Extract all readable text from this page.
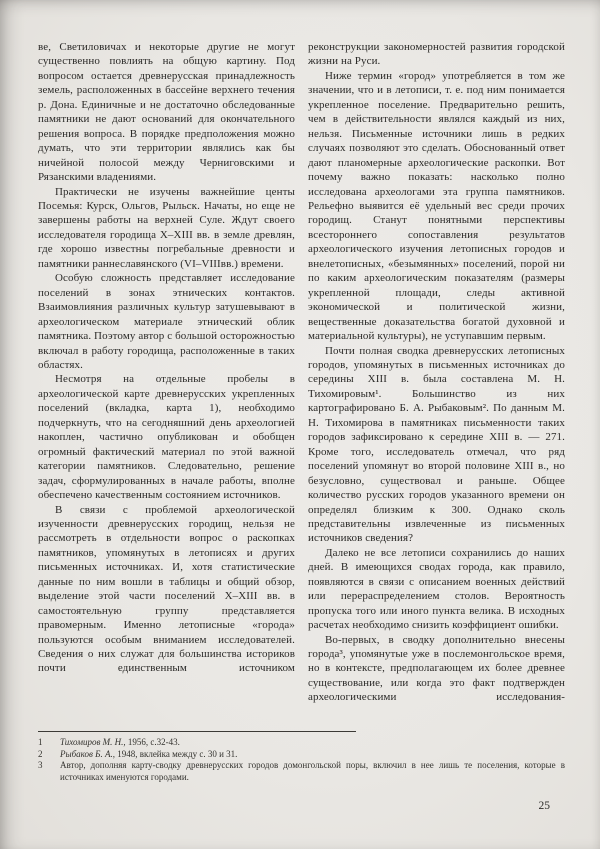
ве, Светиловичах и некоторые другие не могут существенно повлиять на общую картину. Под вопросом остается древнерусская принадлежность земель, расположенных в бассейне верхнего течения р. Дона. Единичные и не достаточно обследованные памятники не дают оснований для окончательного решения вопроса. В порядке предположения можно думать, что эти территории являлись как бы ничейной полосой между Черниговскими и Рязанскими владениями.

Практически не изучены важнейшие центы Посемья: Курск, Ольгов, Рыльск. Начаты, но еще не завершены работы на верхней Суле. Ждут своего исследователя городища X–XIII вв. в земле древлян, где хорошо известны погребальные древности и памятники раннеславянского (VI–VIIIвв.) времени.

Особую сложность представляет исследование поселений в зонах этнических контактов. Взаимовлияния различных культур затушевывают в археологическом материале этнический облик памятника. Поэтому автор с большой осторожностью включал в работу городища, расположенные в таких областях.

Несмотря на отдельные пробелы в археологической карте древнерусских укрепленных поселений (вкладка, карта 1), необходимо подчеркнуть, что на сегодняшний день археологией накоплен, частично опубликован и обобщен огромный фактический материал по этой важной категории памятников. Следовательно, решение задач, сформулированных в начале работы, вполне обеспечено качественным состоянием источников.

В связи с проблемой археологической изученности древнерусских городищ, нельзя не рассмотреть в отдельности вопрос о раскопках памятников, упомянутых в летописях и других письменных источниках. И, хотя статистические данные по ним вошли в таблицы и общий обзор, выделение этой части поселений X–XIII вв. в самостоятельную группу представляется правомерным. Именно летописные «города» пользуются особым вниманием исследователей. Сведения о них служат для большинства историков почти единственным источником

реконструкции закономерностей развития городской жизни на Руси.

Ниже термин «город» употребляется в том же значении, что и в летописи, т. е. под ним понимается укрепленное поселение. Предварительно решить, чем в действительности являлся каждый из них, нельзя. Письменные источники лишь в редких случаях позволяют это сделать. Обоснованный ответ дают планомерные археологические раскопки. Вот почему важно показать: насколько полно исследована археологами эта группа памятников. Рельефно выявится её удельный вес среди прочих городищ. Станут понятными перспективы всестороннего сопоставления результатов археологического изучения летописных городов и внелетописных, «безымянных» поселений, порой ни по каким археологическим показателям (размеры укрепленной площади, следы активной экономической и политической жизни, вещественные доказательства богатой духовной и материальной культуры), не уступавшим первым.

Почти полная сводка древнерусских летописных городов, упомянутых в письменных источниках до середины XIII в. была составлена М. Н. Тихомировым¹. Большинство из них картографировано Б. А. Рыбаковым². По данным М. Н. Тихомирова в памятниках письменности таких городов зафиксировано к середине XIII в. — 271. Кроме того, исследователь отмечал, что ряд поселений упомянут во второй половине XIII в., но безусловно, существовал и раньше. Общее количество русских городов указанного времени он определял близким к 300. Однако сколь представительны извлеченные из письменных источников сведения?

Далеко не все летописи сохранились до наших дней. В имеющихся сводах города, как правило, появляются в связи с описанием военных действий или перераспределением столов. Вероятность пропуска того или иного пункта велика. В исходных расчетах необходимо снизить коэффициент ошибки.

Во-первых, в сводку дополнительно внесены города³, упомянутые уже в послемонгольское время, но в контексте, предполагающем их более древнее существование, или когда это факт подтвержден археологическими исследования-

1	Тихомиров М. Н., 1956, с.32-43.
2	Рыбаков Б. А., 1948, вклейка между с. 30 и 31.
3	Автор, дополняя карту-сводку древнерусских городов домонгольской поры, включил в нее лишь те поселения, которые в источниках именуются городами.
25
